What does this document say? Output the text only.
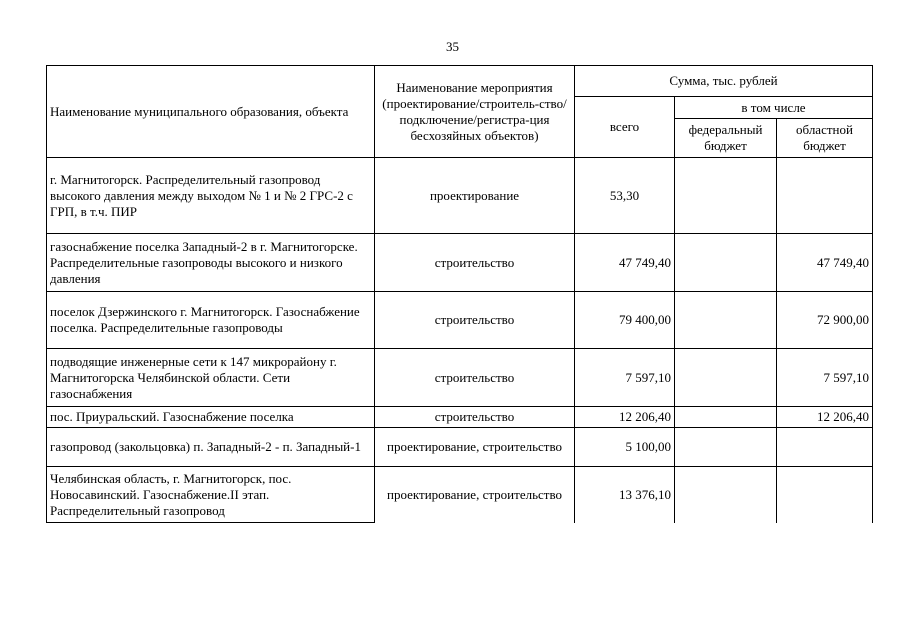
35
Наименование муниципального образования, объекта	Наименование мероприятия (проектирование/строитель-ство/подключение/регистра-ция бесхозяйных объектов)	Сумма, тыс. рублей		
		всего	в том числе	
			федеральный бюджет	областной бюджет
г. Магнитогорск. Распределительный газопровод высокого давления между выходом № 1 и № 2 ГРС-2 с ГРП, в т.ч. ПИР	проектирование	53,30		
газоснабжение поселка Западный-2 в г. Магнитогорске. Распределительные газопроводы высокого и низкого давления	строительство	47 749,40		47 749,40
поселок Дзержинского г. Магнитогорск. Газоснабжение поселка. Распределительные газопроводы	строительство	79 400,00		72 900,00
подводящие инженерные сети к 147 микрорайону г. Магнитогорска Челябинской области. Сети газоснабжения	строительство	7 597,10		7 597,10
пос. Приуральский. Газоснабжение поселка	строительство	12 206,40		12 206,40
газопровод (закольцовка) п. Западный-2 - п. Западный-1	проектирование, строительство	5 100,00		
Челябинская область, г. Магнитогорск, пос. Новосавинский. Газоснабжение.II этап. Распределительный газопровод	проектирование, строительство	13 376,10		
